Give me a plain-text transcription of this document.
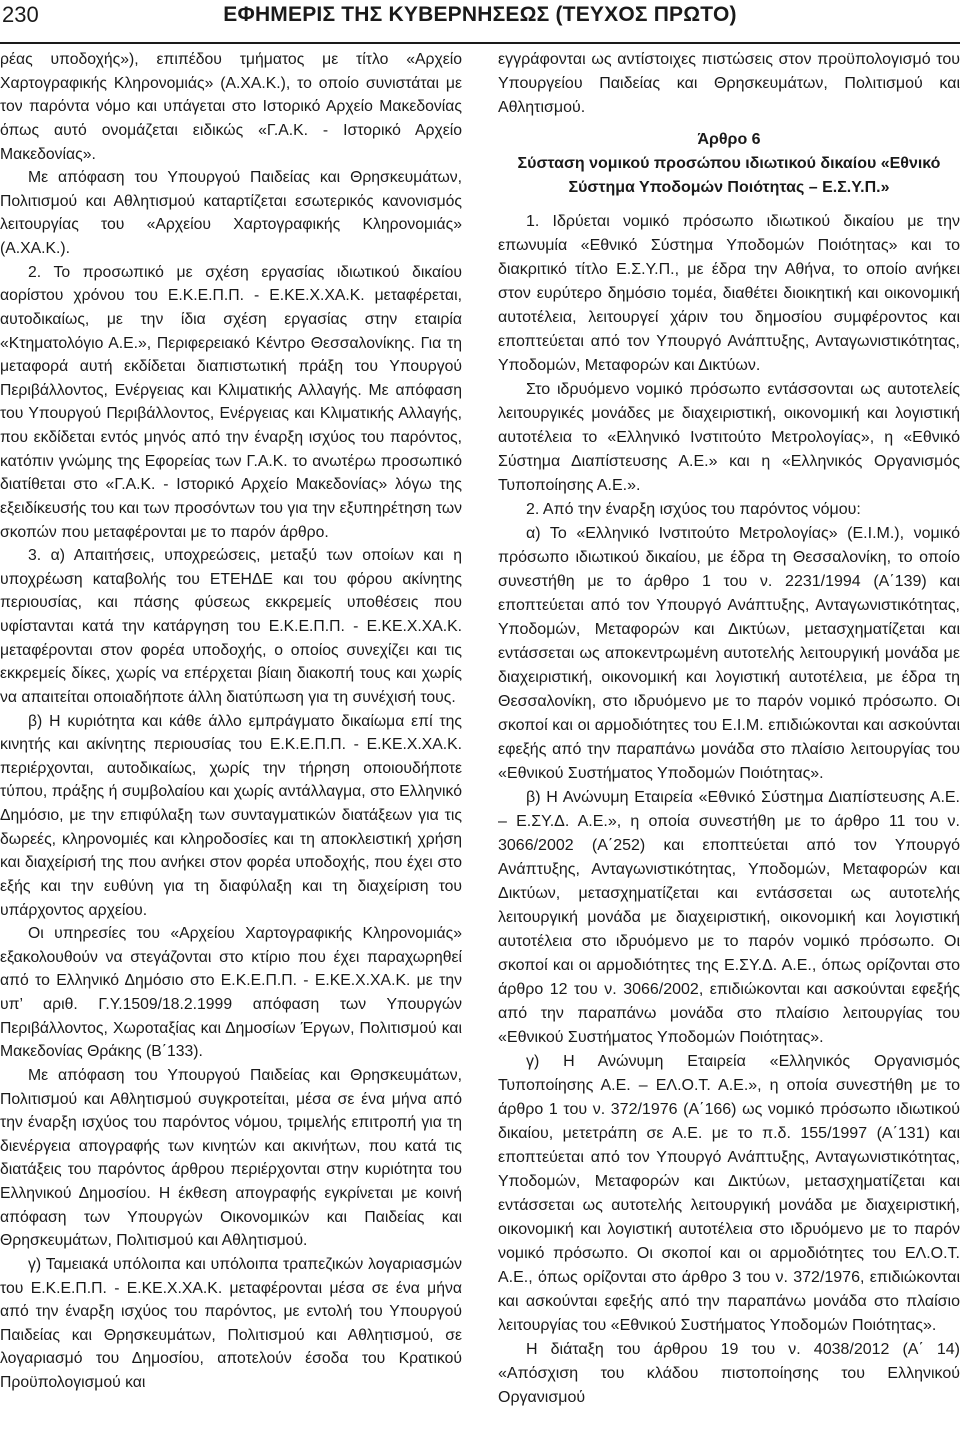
230	ΕΦΗΜΕΡΙΣ ΤΗΣ ΚΥΒΕΡΝΗΣΕΩΣ (ΤΕΥΧΟΣ ΠΡΩΤΟ)

ρέας υποδοχής»), επιπέδου τμήματος με τίτλο «Αρχείο Χαρτογραφικής Κληρονομιάς» (Α.ΧΑ.Κ.), το οποίο συνιστάται με τον παρόντα νόμο και υπάγεται στο Ιστορικό Αρχείο Μακεδονίας όπως αυτό ονομάζεται ειδικώς «Γ.Α.Κ. - Ιστορικό Αρχείο Μακεδονίας».

Με απόφαση του Υπουργού Παιδείας και Θρησκευμάτων, Πολιτισμού και Αθλητισμού καταρτίζεται εσωτερικός κανονισμός λειτουργίας του «Αρχείου Χαρτογραφικής Κληρονομιάς» (Α.ΧΑ.Κ.).

2. Το προσωπικό με σχέση εργασίας ιδιωτικού δικαίου αορίστου χρόνου του Ε.Κ.Ε.Π.Π. - Ε.ΚΕ.Χ.ΧΑ.Κ. μεταφέρεται, αυτοδικαίως, με την ίδια σχέση εργασίας στην εταιρία «Κτηματολόγιο Α.Ε.», Περιφερειακό Κέντρο Θεσσαλονίκης. Για τη μεταφορά αυτή εκδίδεται διαπιστωτική πράξη του Υπουργού Περιβάλλοντος, Ενέργειας και Κλιματικής Αλλαγής. Με απόφαση του Υπουργού Περιβάλλοντος, Ενέργειας και Κλιματικής Αλλαγής, που εκδίδεται εντός μηνός από την έναρξη ισχύος του παρόντος, κατόπιν γνώμης της Εφορείας των Γ.Α.Κ. το ανωτέρω προσωπικό διατίθεται στο «Γ.Α.Κ. - Ιστορικό Αρχείο Μακεδονίας» λόγω της εξειδίκευσής του και των προσόντων του για την εξυπηρέτηση των σκοπών που μεταφέρονται με το παρόν άρθρο.

3. α) Απαιτήσεις, υποχρεώσεις, μεταξύ των οποίων και η υποχρέωση καταβολής του ΕΤΕΗΔΕ και του φόρου ακίνητης περιουσίας, και πάσης φύσεως εκκρεμείς υποθέσεις που υφίστανται κατά την κατάργηση του Ε.Κ.Ε.Π.Π. - Ε.ΚΕ.Χ.ΧΑ.Κ. μεταφέρονται στον φορέα υποδοχής, ο οποίος συνεχίζει και τις εκκρεμείς δίκες, χωρίς να επέρχεται βίαιη διακοπή τους και χωρίς να απαιτείται οποιαδήποτε άλλη διατύπωση για τη συνέχισή τους.

β) Η κυριότητα και κάθε άλλο εμπράγματο δικαίωμα επί της κινητής και ακίνητης περιουσίας του Ε.Κ.Ε.Π.Π. - Ε.ΚΕ.Χ.ΧΑ.Κ. περιέρχονται, αυτοδικαίως, χωρίς την τήρηση οποιουδήποτε τύπου, πράξης ή συμβολαίου και χωρίς αντάλλαγμα, στο Ελληνικό Δημόσιο, με την επιφύλαξη των συνταγματικών διατάξεων για τις δωρεές, κληρονομιές και κληροδοσίες και τη αποκλειστική χρήση και διαχείρισή της που ανήκει στον φορέα υποδοχής, που έχει στο εξής και την ευθύνη για τη διαφύλαξη και τη διαχείριση του υπάρχοντος αρχείου.

Οι υπηρεσίες του «Αρχείου Χαρτογραφικής Κληρονομιάς» εξακολουθούν να στεγάζονται στο κτίριο που έχει παραχωρηθεί από το Ελληνικό Δημόσιο στο Ε.Κ.Ε.Π.Π. - Ε.ΚΕ.Χ.ΧΑ.Κ. με την υπ’ αριθ. Γ.Υ.1509/18.2.1999 απόφαση των Υπουργών Περιβάλλοντος, Χωροταξίας και Δημοσίων Έργων, Πολιτισμού και Μακεδονίας Θράκης (Β΄133).

Με απόφαση του Υπουργού Παιδείας και Θρησκευμάτων, Πολιτισμού και Αθλητισμού συγκροτείται, μέσα σε ένα μήνα από την έναρξη ισχύος του παρόντος νόμου, τριμελής επιτροπή για τη διενέργεια απογραφής των κινητών και ακινήτων, που κατά τις διατάξεις του παρόντος άρθρου περιέρχονται στην κυριότητα του Ελληνικού Δημοσίου. Η έκθεση απογραφής εγκρίνεται με κοινή απόφαση των Υπουργών Οικονομικών και Παιδείας και Θρησκευμάτων, Πολιτισμού και Αθλητισμού.

γ) Ταμειακά υπόλοιπα και υπόλοιπα τραπεζικών λογαριασμών του Ε.Κ.Ε.Π.Π. - Ε.ΚΕ.Χ.ΧΑ.Κ. μεταφέρονται μέσα σε ένα μήνα από την έναρξη ισχύος του παρόντος, με εντολή του Υπουργού Παιδείας και Θρησκευμάτων, Πολιτισμού και Αθλητισμού, σε λογαριασμό του Δημοσίου, αποτελούν έσοδα του Κρατικού Προϋπολογισμού και

εγγράφονται ως αντίστοιχες πιστώσεις στον προϋπολογισμό του Υπουργείου Παιδείας και Θρησκευμάτων, Πολιτισμού και Αθλητισμού.

Άρθρο 6
Σύσταση νομικού προσώπου ιδιωτικού δικαίου «Εθνικό Σύστημα Υποδομών Ποιότητας – Ε.Σ.Υ.Π.»

1. Ιδρύεται νομικό πρόσωπο ιδιωτικού δικαίου με την επωνυμία «Εθνικό Σύστημα Υποδομών Ποιότητας» και το διακριτικό τίτλο Ε.Σ.Υ.Π., με έδρα την Αθήνα, το οποίο ανήκει στον ευρύτερο δημόσιο τομέα, διαθέτει διοικητική και οικονομική αυτοτέλεια, λειτουργεί χάριν του δημοσίου συμφέροντος και εποπτεύεται από τον Υπουργό Ανάπτυξης, Ανταγωνιστικότητας, Υποδομών, Μεταφορών και Δικτύων.

Στο ιδρυόμενο νομικό πρόσωπο εντάσσονται ως αυτοτελείς λειτουργικές μονάδες με διαχειριστική, οικονομική και λογιστική αυτοτέλεια το «Ελληνικό Ινστιτούτο Μετρολογίας», η «Εθνικό Σύστημα Διαπίστευσης Α.Ε.» και η «Ελληνικός Οργανισμός Τυποποίησης Α.Ε.».

2. Από την έναρξη ισχύος του παρόντος νόμου:

α) Το «Ελληνικό Ινστιτούτο Μετρολογίας» (Ε.Ι.Μ.), νομικό πρόσωπο ιδιωτικού δικαίου, με έδρα τη Θεσσαλονίκη, το οποίο συνεστήθη με το άρθρο 1 του ν. 2231/1994 (Α΄139) και εποπτεύεται από τον Υπουργό Ανάπτυξης, Ανταγωνιστικότητας, Υποδομών, Μεταφορών και Δικτύων, μετασχηματίζεται και εντάσσεται ως αποκεντρωμένη αυτοτελής λειτουργική μονάδα με διαχειριστική, οικονομική και λογιστική αυτοτέλεια, με έδρα τη Θεσσαλονίκη, στο ιδρυόμενο με το παρόν νομικό πρόσωπο. Οι σκοποί και οι αρμοδιότητες του Ε.Ι.Μ. επιδιώκονται και ασκούνται εφεξής από την παραπάνω μονάδα στο πλαίσιο λειτουργίας του «Εθνικού Συστήματος Υποδομών Ποιότητας».

β) Η Ανώνυμη Εταιρεία «Εθνικό Σύστημα Διαπίστευσης Α.Ε. – Ε.ΣΥ.Δ. Α.Ε.», η οποία συνεστήθη με το άρθρο 11 του ν. 3066/2002 (Α΄252) και εποπτεύεται από τον Υπουργό Ανάπτυξης, Ανταγωνιστικότητας, Υποδομών, Μεταφορών και Δικτύων, μετασχηματίζεται και εντάσσεται ως αυτοτελής λειτουργική μονάδα με διαχειριστική, οικονομική και λογιστική αυτοτέλεια στο ιδρυόμενο με το παρόν νομικό πρόσωπο. Οι σκοποί και οι αρμοδιότητες της Ε.ΣΥ.Δ. Α.Ε., όπως ορίζονται στο άρθρο 12 του ν. 3066/2002, επιδιώκονται και ασκούνται εφεξής από την παραπάνω μονάδα στο πλαίσιο λειτουργίας του «Εθνικού Συστήματος Υποδομών Ποιότητας».

γ) Η Ανώνυμη Εταιρεία «Ελληνικός Οργανισμός Τυποποίησης Α.Ε. – ΕΛ.Ο.Τ. Α.Ε.», η οποία συνεστήθη με το άρθρο 1 του ν. 372/1976 (Α΄166) ως νομικό πρόσωπο ιδιωτικού δικαίου, μετετράπη σε Α.Ε. με το π.δ. 155/1997 (Α΄131) και εποπτεύεται από τον Υπουργό Ανάπτυξης, Ανταγωνιστικότητας, Υποδομών, Μεταφορών και Δικτύων, μετασχηματίζεται και εντάσσεται ως αυτοτελής λειτουργική μονάδα με διαχειριστική, οικονομική και λογιστική αυτοτέλεια στο ιδρυόμενο με το παρόν νομικό πρόσωπο. Οι σκοποί και οι αρμοδιότητες του ΕΛ.Ο.Τ. Α.Ε., όπως ορίζονται στο άρθρο 3 του ν. 372/1976, επιδιώκονται και ασκούνται εφεξής από την παραπάνω μονάδα στο πλαίσιο λειτουργίας του «Εθνικού Συστήματος Υποδομών Ποιότητας».

Η διάταξη του άρθρου 19 του ν. 4038/2012 (Α΄ 14) «Απόσχιση του κλάδου πιστοποίησης του Ελληνικού Οργανισμού
